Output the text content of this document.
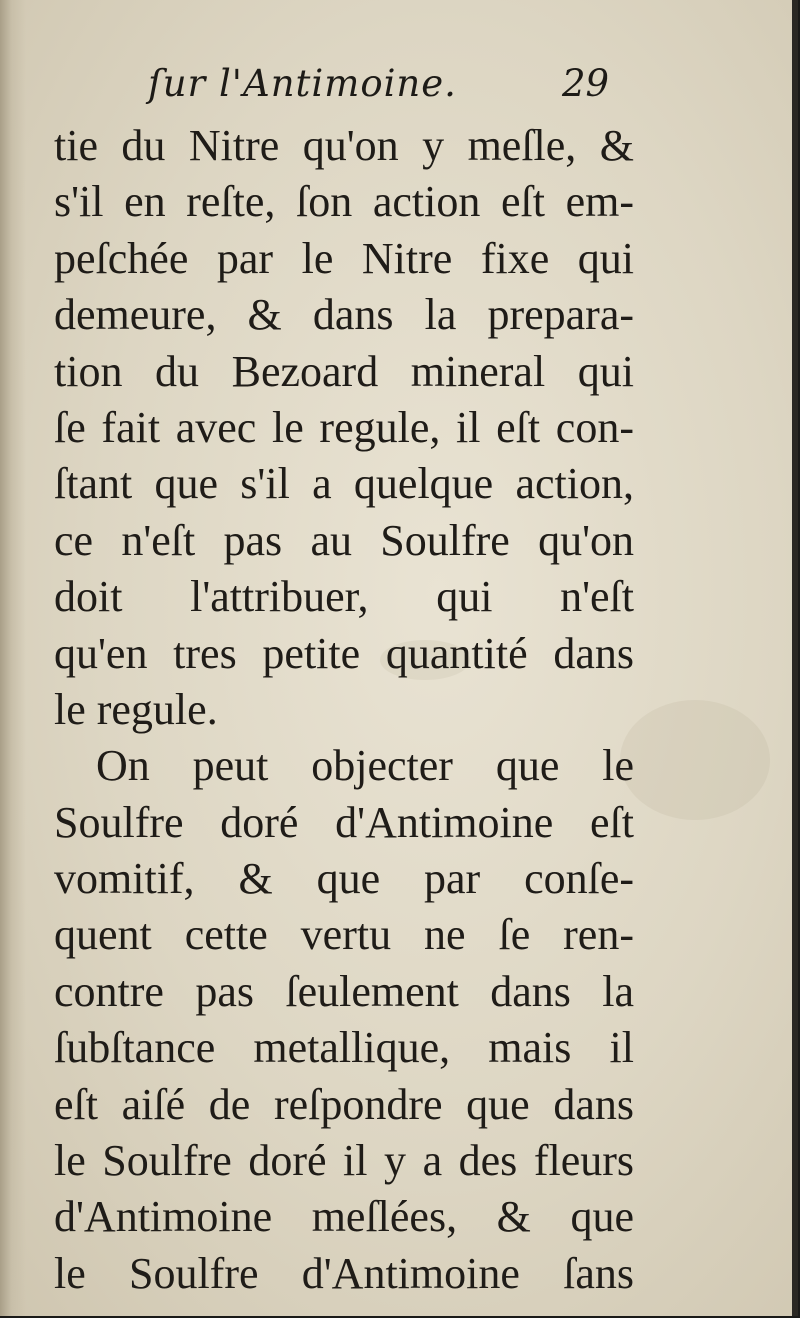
ſur l'Antimoine.	29
tie du Nitre qu'on y meſle, &
s'il en reſte, ſon action eſt em-
peſchée par le Nitre fixe qui
demeure, & dans la prepara-
tion du Bezoard mineral qui
ſe fait avec le regule, il eſt con-
ſtant que s'il a quelque action,
ce n'eſt pas au Soulfre qu'on
doit l'attribuer, qui n'eſt
qu'en tres petite quantité dans
le regule.
On peut objecter que le
Soulfre doré d'Antimoine eſt
vomitif, & que par conſe-
quent cette vertu ne ſe ren-
contre pas ſeulement dans la
ſubſtance metallique, mais il
eſt aiſé de reſpondre que dans
le Soulfre doré il y a des fleurs
d'Antimoine meſlées, & que
le Soulfre d'Antimoine ſans
